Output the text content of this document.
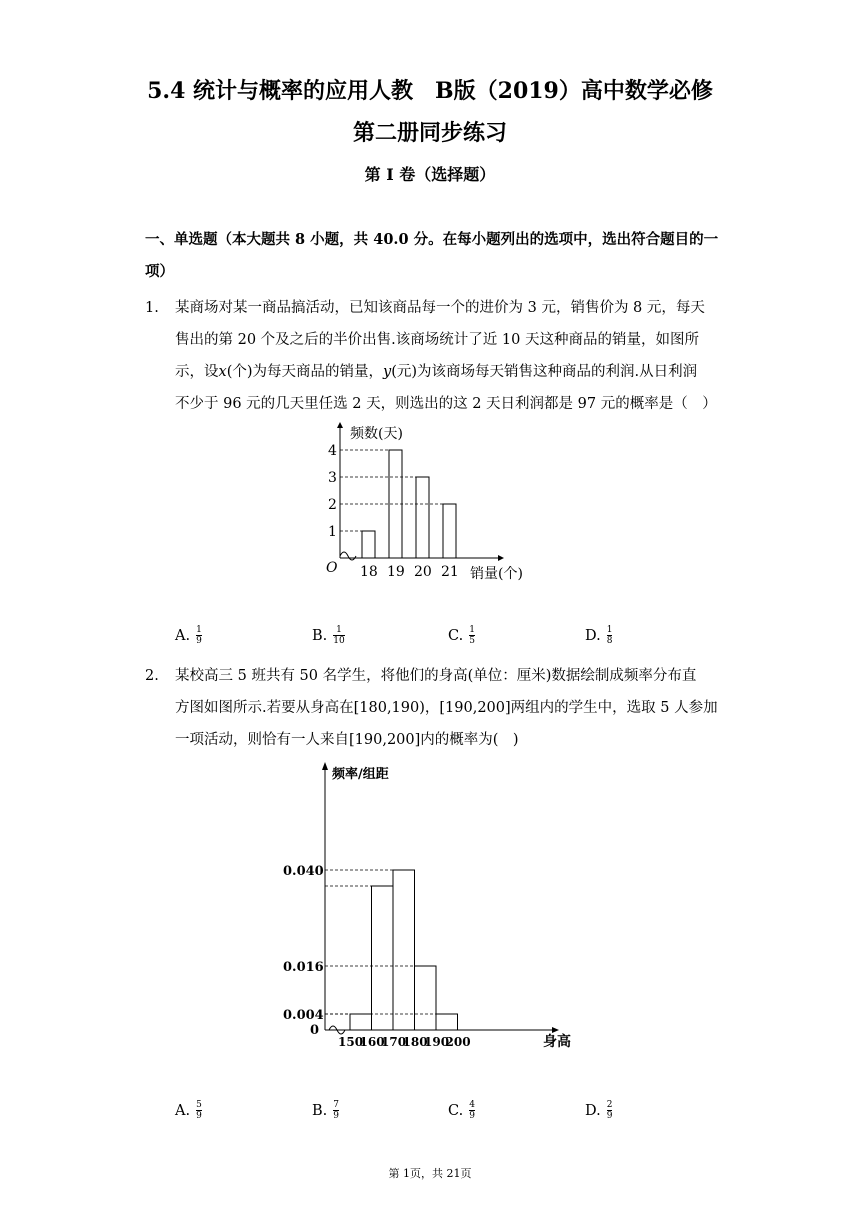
5.4 统计与概率的应用人教　B版（2019）高中数学必修
第二册同步练习
第 I 卷（选择题）
一、单选题（本大题共 8 小题，共 40.0 分。在每小题列出的选项中，选出符合题目的一项）
1. 某商场对某一商品搞活动，已知该商品每一个的进价为 3 元，销售价为 8 元，每天

售出的第 20 个及之后的半价出售.该商场统计了近 10 天这种商品的销量，如图所

示，设x(个)为每天商品的销量，y(元)为该商场每天销售这种商品的利润.从日利润

不少于 96 元的几天里任选 2 天，则选出的这 2 天日利润都是 97 元的概率是（　）

频数(天)
销量(个)
O
1
2
3
4
18 19 20 21
A. $\frac{1}{9}$	B. $\frac{1}{10}$	C. $\frac{1}{5}$	D. $\frac{1}{8}$
2. 某校高三 5 班共有 50 名学生，将他们的身高(单位：厘米)数据绘制成频率分布直

方图如图所示.若要从身高在[180,190)，[190,200]两组内的学生中，选取 5 人参加

一项活动，则恰有一人来自[190,200]内的概率为(　)

频率/组距
身高
0
0.004
0.016
0.040
150
160
170
180
190
200
A. $\frac{5}{9}$	B. $\frac{7}{9}$	C. $\frac{4}{9}$	D. $\frac{2}{9}$
第 1页，共 21页
